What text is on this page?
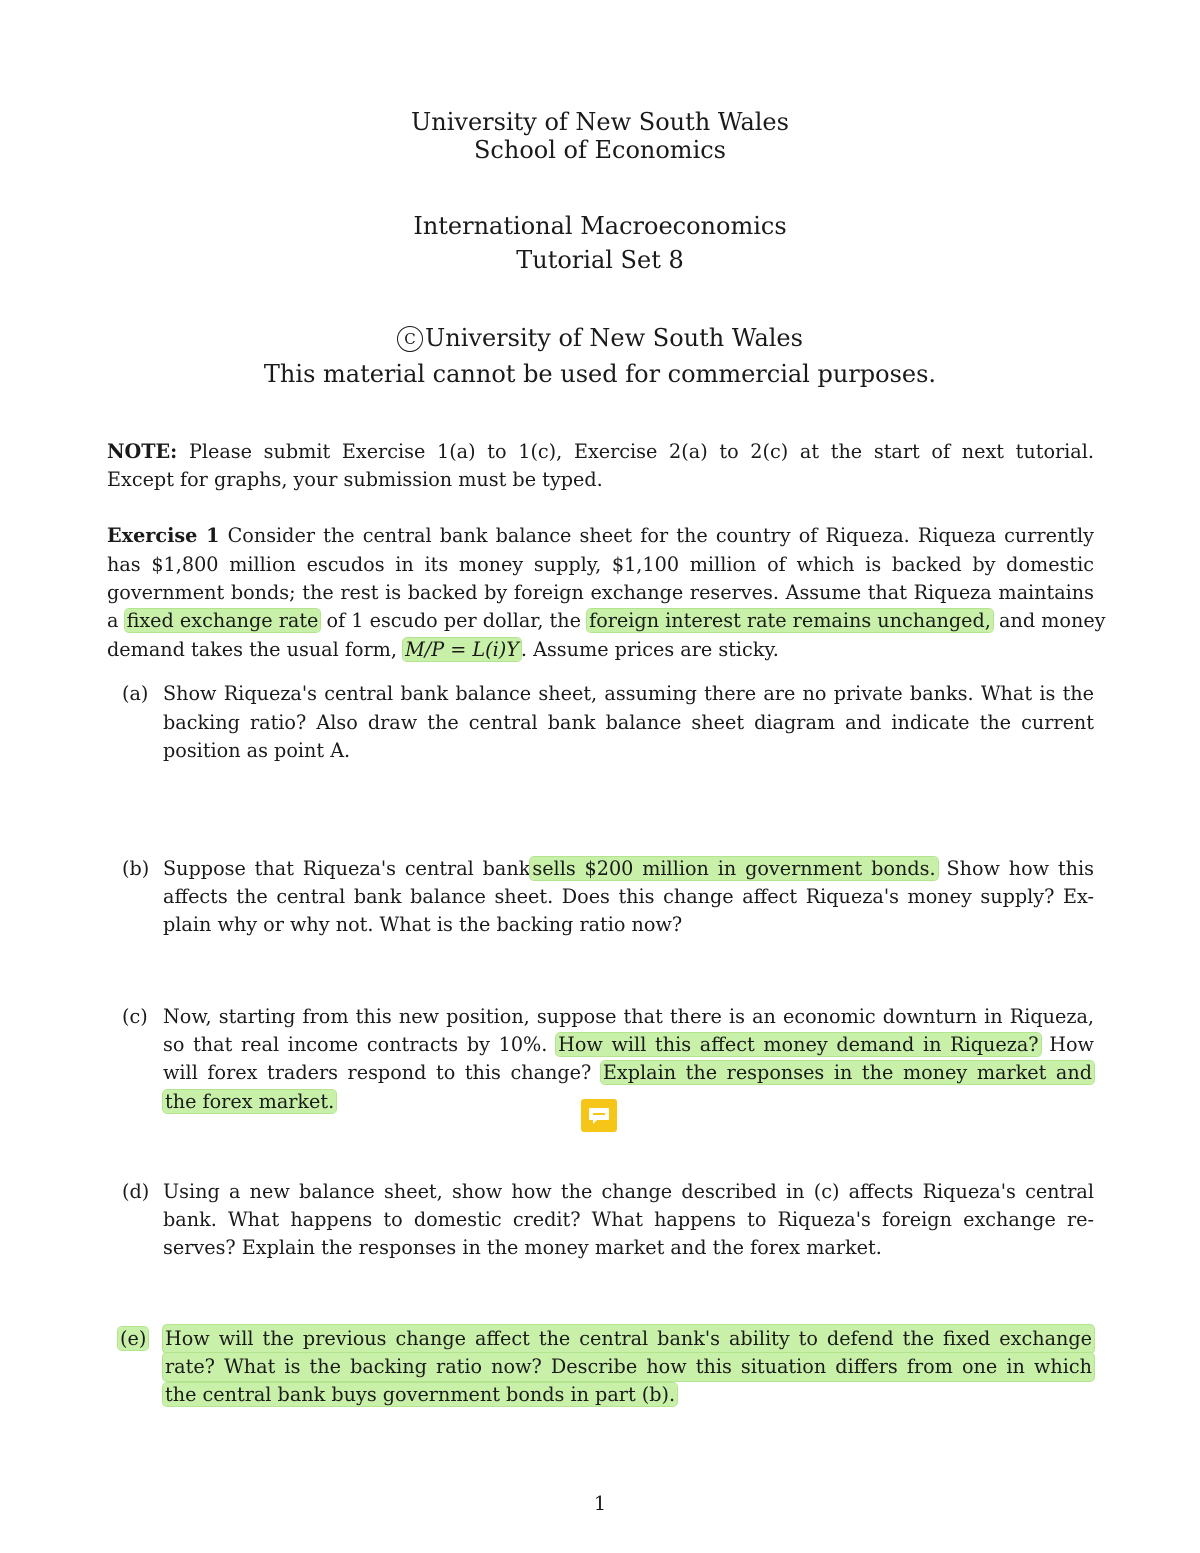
University of New South Wales
School of Economics
International Macroeconomics
Tutorial Set 8
C University of New South Wales
This material cannot be used for commercial purposes.
NOTE: Please submit Exercise 1(a) to 1(c), Exercise 2(a) to 2(c) at the start of next tutorial.
Except for graphs, your submission must be typed.
Exercise 1 Consider the central bank balance sheet for the country of Riqueza. Riqueza currently
has $1,800 million escudos in its money supply, $1,100 million of which is backed by domestic
government bonds; the rest is backed by foreign exchange reserves. Assume that Riqueza maintains
a fixed exchange rate of 1 escudo per dollar, the foreign interest rate remains unchanged, and money
demand takes the usual form, M/P = L(i)Y . Assume prices are sticky.
(a) Show Riqueza's central bank balance sheet, assuming there are no private banks. What is the
backing ratio? Also draw the central bank balance sheet diagram and indicate the current
position as point A.
(b) Suppose that Riqueza's central bank sells $200 million in government bonds. Show how this
affects the central bank balance sheet. Does this change affect Riqueza's money supply? Ex-
plain why or why not. What is the backing ratio now?
(c) Now, starting from this new position, suppose that there is an economic downturn in Riqueza,
so that real income contracts by 10%. How will this affect money demand in Riqueza? How
will forex traders respond to this change? Explain the responses in the money market and
the forex market.
(d) Using a new balance sheet, show how the change described in (c) affects Riqueza's central
bank. What happens to domestic credit? What happens to Riqueza's foreign exchange re-
serves? Explain the responses in the money market and the forex market.
(e) How will the previous change affect the central bank's ability to defend the fixed exchange
rate? What is the backing ratio now? Describe how this situation differs from one in which
the central bank buys government bonds in part (b).
1
